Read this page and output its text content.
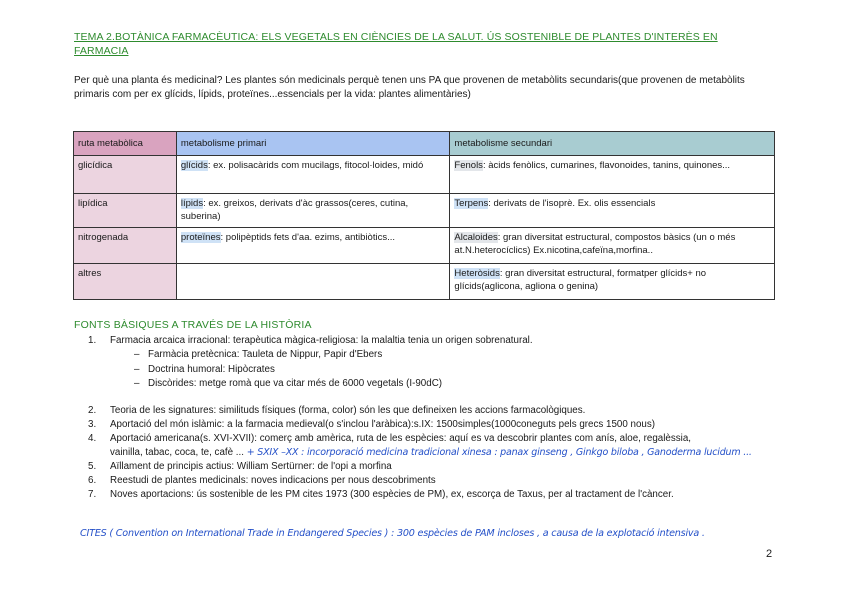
TEMA 2.BOTÀNICA FARMACÈUTICA: ELS VEGETALS EN CIÈNCIES DE LA SALUT. ÚS SOSTENIBLE DE PLANTES D'INTERÈS EN FARMACIA
Per què una planta és medicinal? Les plantes són medicinals perquè tenen uns PA que provenen de metabòlits secundaris(que provenen de metabòlits primaris com per ex glícids, lípids, proteïnes...essencials per la vida: plantes alimentàries)
ruta metabòlica	metabolisme primari	metabolisme secundari
glicídica	glícids: ex. polisacàrids com mucilags, fitocol·loides, midó	Fenols: àcids fenòlics, cumarines, flavonoides, tanins, quinones...
lipídica	lípids: ex. greixos, derivats d'àc grassos(ceres, cutina, suberina)	Terpens: derivats de l'isoprè. Ex. olis essencials
nitrogenada	proteïnes: polipèptids fets d'aa. ezims, antibiòtics...	Alcaloides: gran diversitat estructural, compostos bàsics (un o més at.N.heterocíclics) Ex.nicotina,cafeïna,morfina..
altres		Heteròsids: gran diversitat estructural, formatper glícids+ no glícids(aglicona, agliona o genina)
FONTS BÀSIQUES A TRAVÉS DE LA HISTÒRIA
1. Farmacia arcaica irracional: terapèutica màgica-religiosa: la malaltia tenia un origen sobrenatural.
– Farmàcia pretècnica: Tauleta de Nippur, Papir d'Ebers
– Doctrina humoral: Hipòcrates
– Discòrides: metge romà que va citar més de 6000 vegetals (I-90dC)
2. Teoria de les signatures: similituds físiques (forma, color) són les que defineixen les accions farmacològiques.
3. Aportació del món islàmic: a la farmacia medieval(o s'inclou l'aràbica):s.IX: 1500simples(1000coneguts pels grecs 1500 nous)
4. Aportació americana(s. XVI-XVII): comerç amb amèrica, ruta de les espècies: aquí es va descobrir plantes com anís, aloe, regalèssia,
vainilla, tabac, coca, te, cafè ... + SXIX –XX : incorporació medicina tradicional xinesa : panax ginseng , Ginkgo biloba , Ganoderma lucidum ...
5. Aïllament de principis actius: William Sertürner: de l'opi a morfina
6. Reestudi de plantes medicinals: noves indicacions per nous descobriments
7. Noves aportacions: ús sostenible de les PM cites 1973 (300 espècies de PM), ex, escorça de Taxus, per al tractament de l'càncer.
CITES ( Convention on International Trade in Endangered Species ) : 300 espècies de PAM incloses , a causa de la explotació intensiva .
2
